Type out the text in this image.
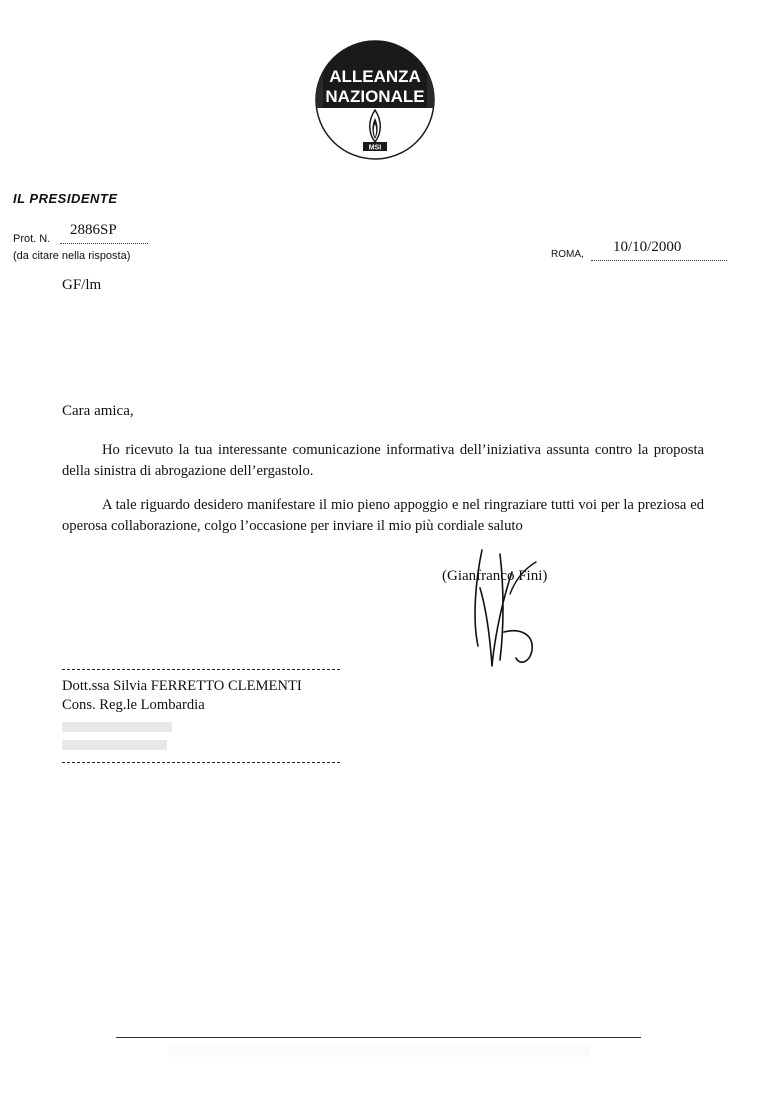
ALLEANZA
NAZIONALE
MSI
IL PRESIDENTE
Prot. N.
2886SP
(da citare nella risposta)	ROMA, 10/10/2000
GF/lm
Cara amica,
Ho ricevuto la tua interessante comunicazione informativa dell’iniziativa assunta contro la proposta della sinistra di abrogazione dell’ergastolo.
A tale riguardo desidero manifestare il mio pieno appoggio e nel ringraziare tutti voi per la preziosa ed operosa collaborazione, colgo l’occasione per inviare il mio più cordiale saluto
(Gianfranco Fini)
Dott.ssa Silvia FERRETTO CLEMENTI
Cons. Reg.le Lombardia
